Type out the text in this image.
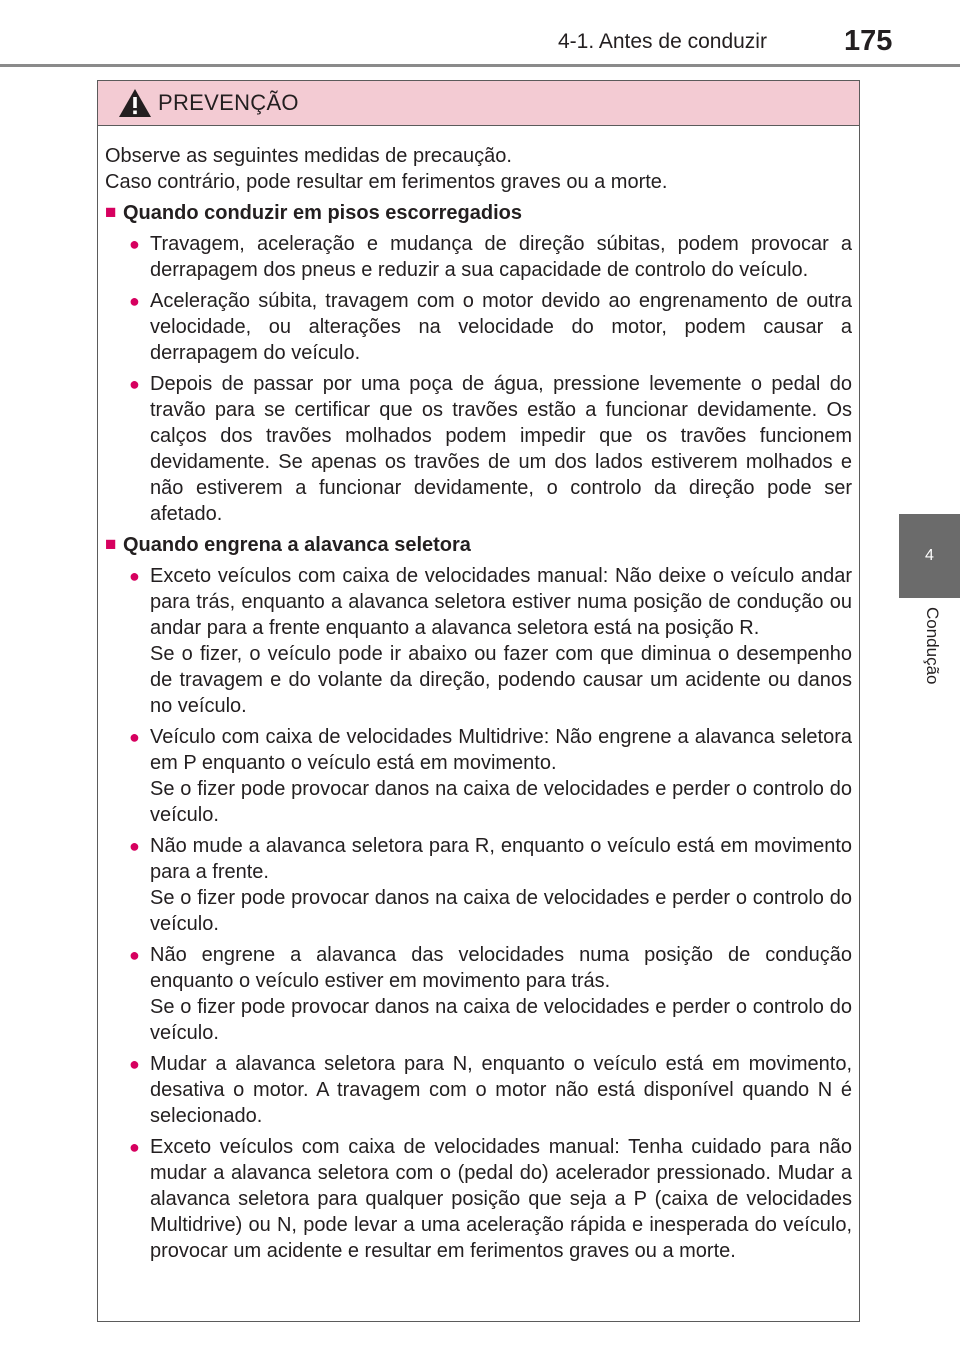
4-1. Antes de conduzir	175
4
Condução
PREVENÇÃO

Observe as seguintes medidas de precaução.

Caso contrário, pode resultar em ferimentos graves ou a morte.

■ Quando conduzir em pisos escorregadios
● Travagem, aceleração e mudança de direção súbitas, podem provocar a derrapagem dos pneus e reduzir a sua capacidade de controlo do veículo.

● Aceleração súbita, travagem com o motor devido ao engrenamento de outra velocidade, ou alterações na velocidade do motor, podem causar a derrapagem do veículo.

● Depois de passar por uma poça de água, pressione levemente o pedal do travão para se certificar que os travões estão a funcionar devidamente. Os calços dos travões molhados podem impedir que os travões funcionem devidamente. Se apenas os travões de um dos lados estiverem molhados e não estiverem a funcionar devidamente, o controlo da direção pode ser afetado.

■ Quando engrena a alavanca seletora
● Exceto veículos com caixa de velocidades manual: Não deixe o veículo andar para trás, enquanto a alavanca seletora estiver numa posição de condução ou andar para a frente enquanto a alavanca seletora está na posição R.

Se o fizer, o veículo pode ir abaixo ou fazer com que diminua o desempenho de travagem e do volante da direção, podendo causar um acidente ou danos no veículo.

● Veículo com caixa de velocidades Multidrive: Não engrene a alavanca seletora em P enquanto o veículo está em movimento.

Se o fizer pode provocar danos na caixa de velocidades e perder o controlo do veículo.

● Não mude a alavanca seletora para R, enquanto o veículo está em movimento para a frente.

Se o fizer pode provocar danos na caixa de velocidades e perder o controlo do veículo.

● Não engrene a alavanca das velocidades numa posição de condução enquanto o veículo estiver em movimento para trás.

Se o fizer pode provocar danos na caixa de velocidades e perder o controlo do veículo.

● Mudar a alavanca seletora para N, enquanto o veículo está em movimento, desativa o motor. A travagem com o motor não está disponível quando N é selecionado.

● Exceto veículos com caixa de velocidades manual: Tenha cuidado para não mudar a alavanca seletora com o (pedal do) acelerador pressionado. Mudar a alavanca seletora para qualquer posição que seja a P (caixa de velocidades Multidrive) ou N, pode levar a uma aceleração rápida e inesperada do veículo, provocar um acidente e resultar em ferimentos graves ou a morte.
